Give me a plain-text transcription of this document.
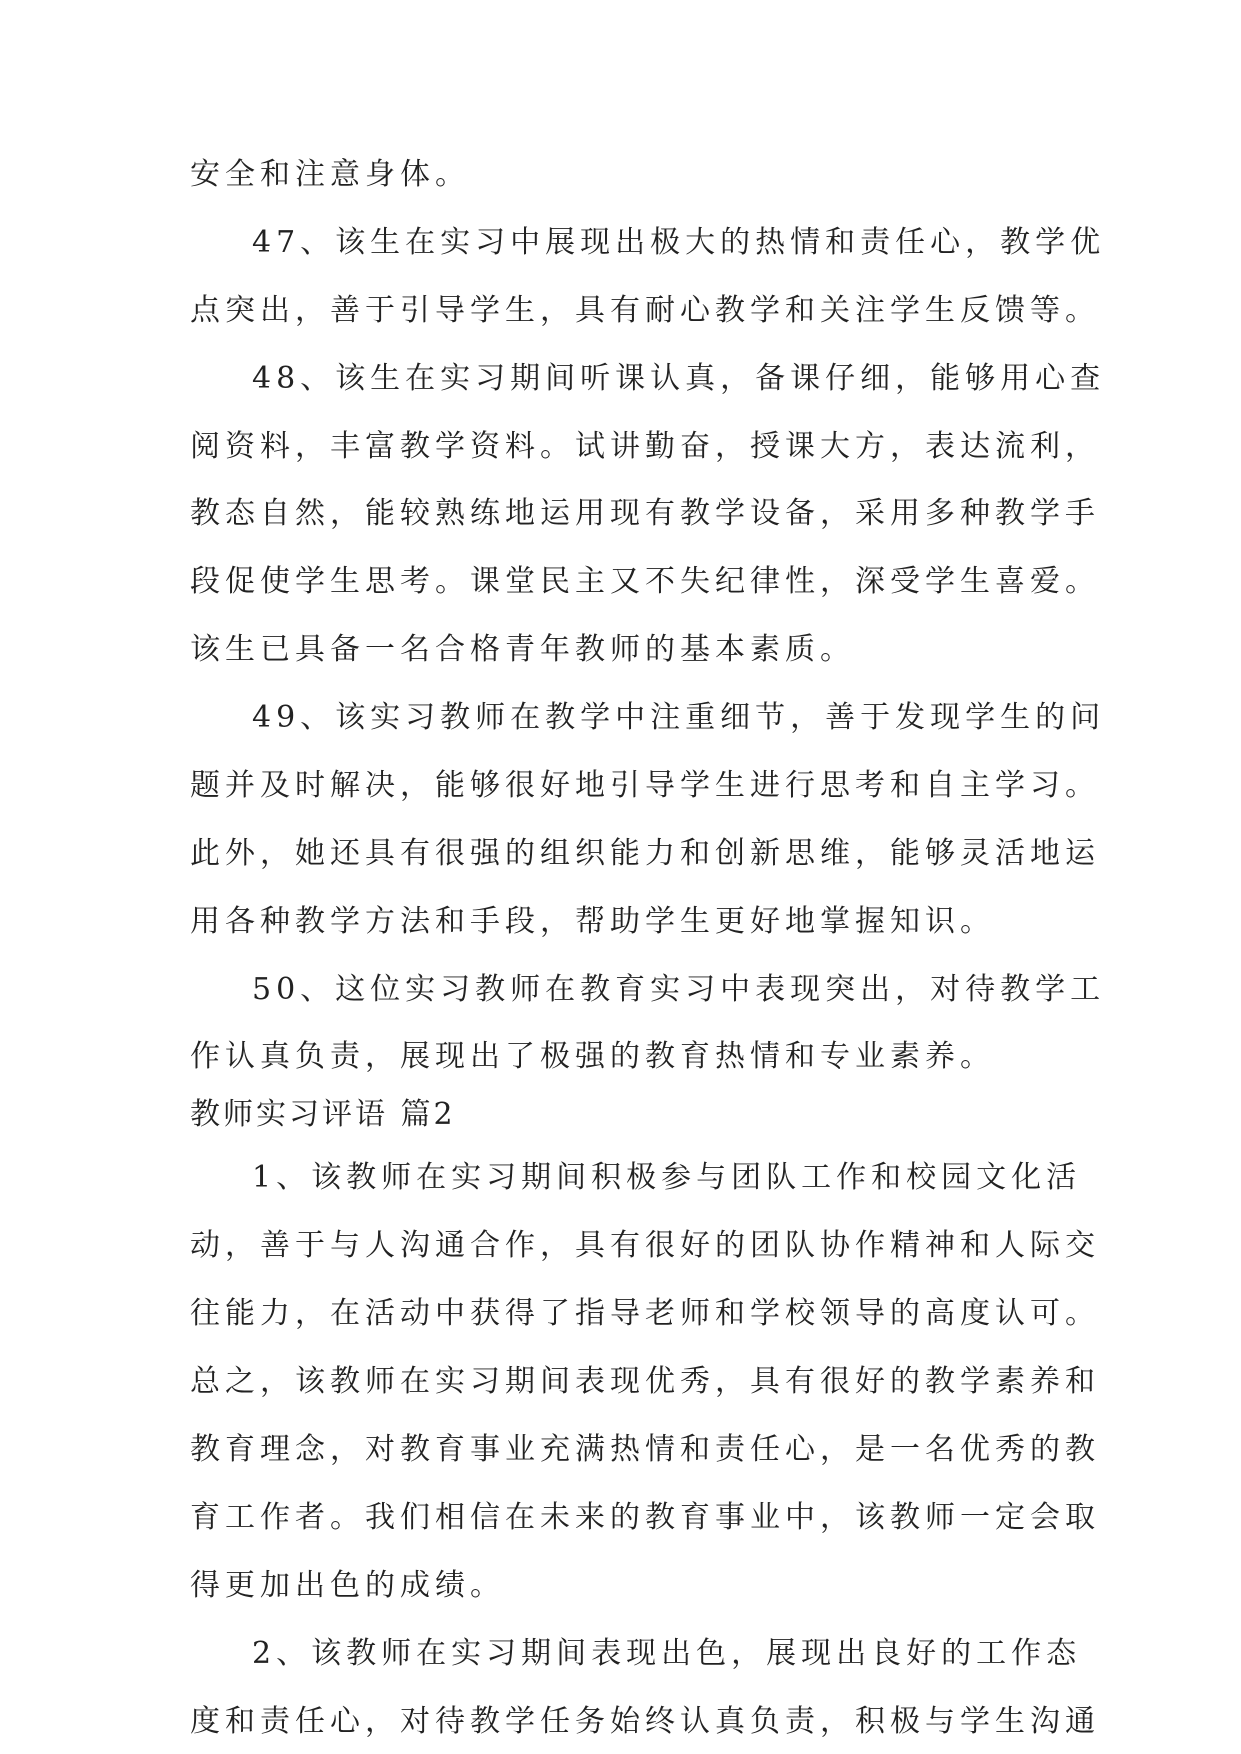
安全和注意身体。
47、该生在实习中展现出极大的热情和责任心，教学优
点突出，善于引导学生，具有耐心教学和关注学生反馈等。
48、该生在实习期间听课认真，备课仔细，能够用心查
阅资料，丰富教学资料。试讲勤奋，授课大方，表达流利，
教态自然，能较熟练地运用现有教学设备，采用多种教学手
段促使学生思考。课堂民主又不失纪律性，深受学生喜爱。
该生已具备一名合格青年教师的基本素质。
49、该实习教师在教学中注重细节，善于发现学生的问
题并及时解决，能够很好地引导学生进行思考和自主学习。
此外，她还具有很强的组织能力和创新思维，能够灵活地运
用各种教学方法和手段，帮助学生更好地掌握知识。
50、这位实习教师在教育实习中表现突出，对待教学工
作认真负责，展现出了极强的教育热情和专业素养。
教师实习评语 篇2
1、该教师在实习期间积极参与团队工作和校园文化活
动，善于与人沟通合作，具有很好的团队协作精神和人际交
往能力，在活动中获得了指导老师和学校领导的高度认可。
总之，该教师在实习期间表现优秀，具有很好的教学素养和
教育理念，对教育事业充满热情和责任心，是一名优秀的教
育工作者。我们相信在未来的教育事业中，该教师一定会取
得更加出色的成绩。
2、该教师在实习期间表现出色，展现出良好的工作态
度和责任心，对待教学任务始终认真负责，积极与学生沟通
